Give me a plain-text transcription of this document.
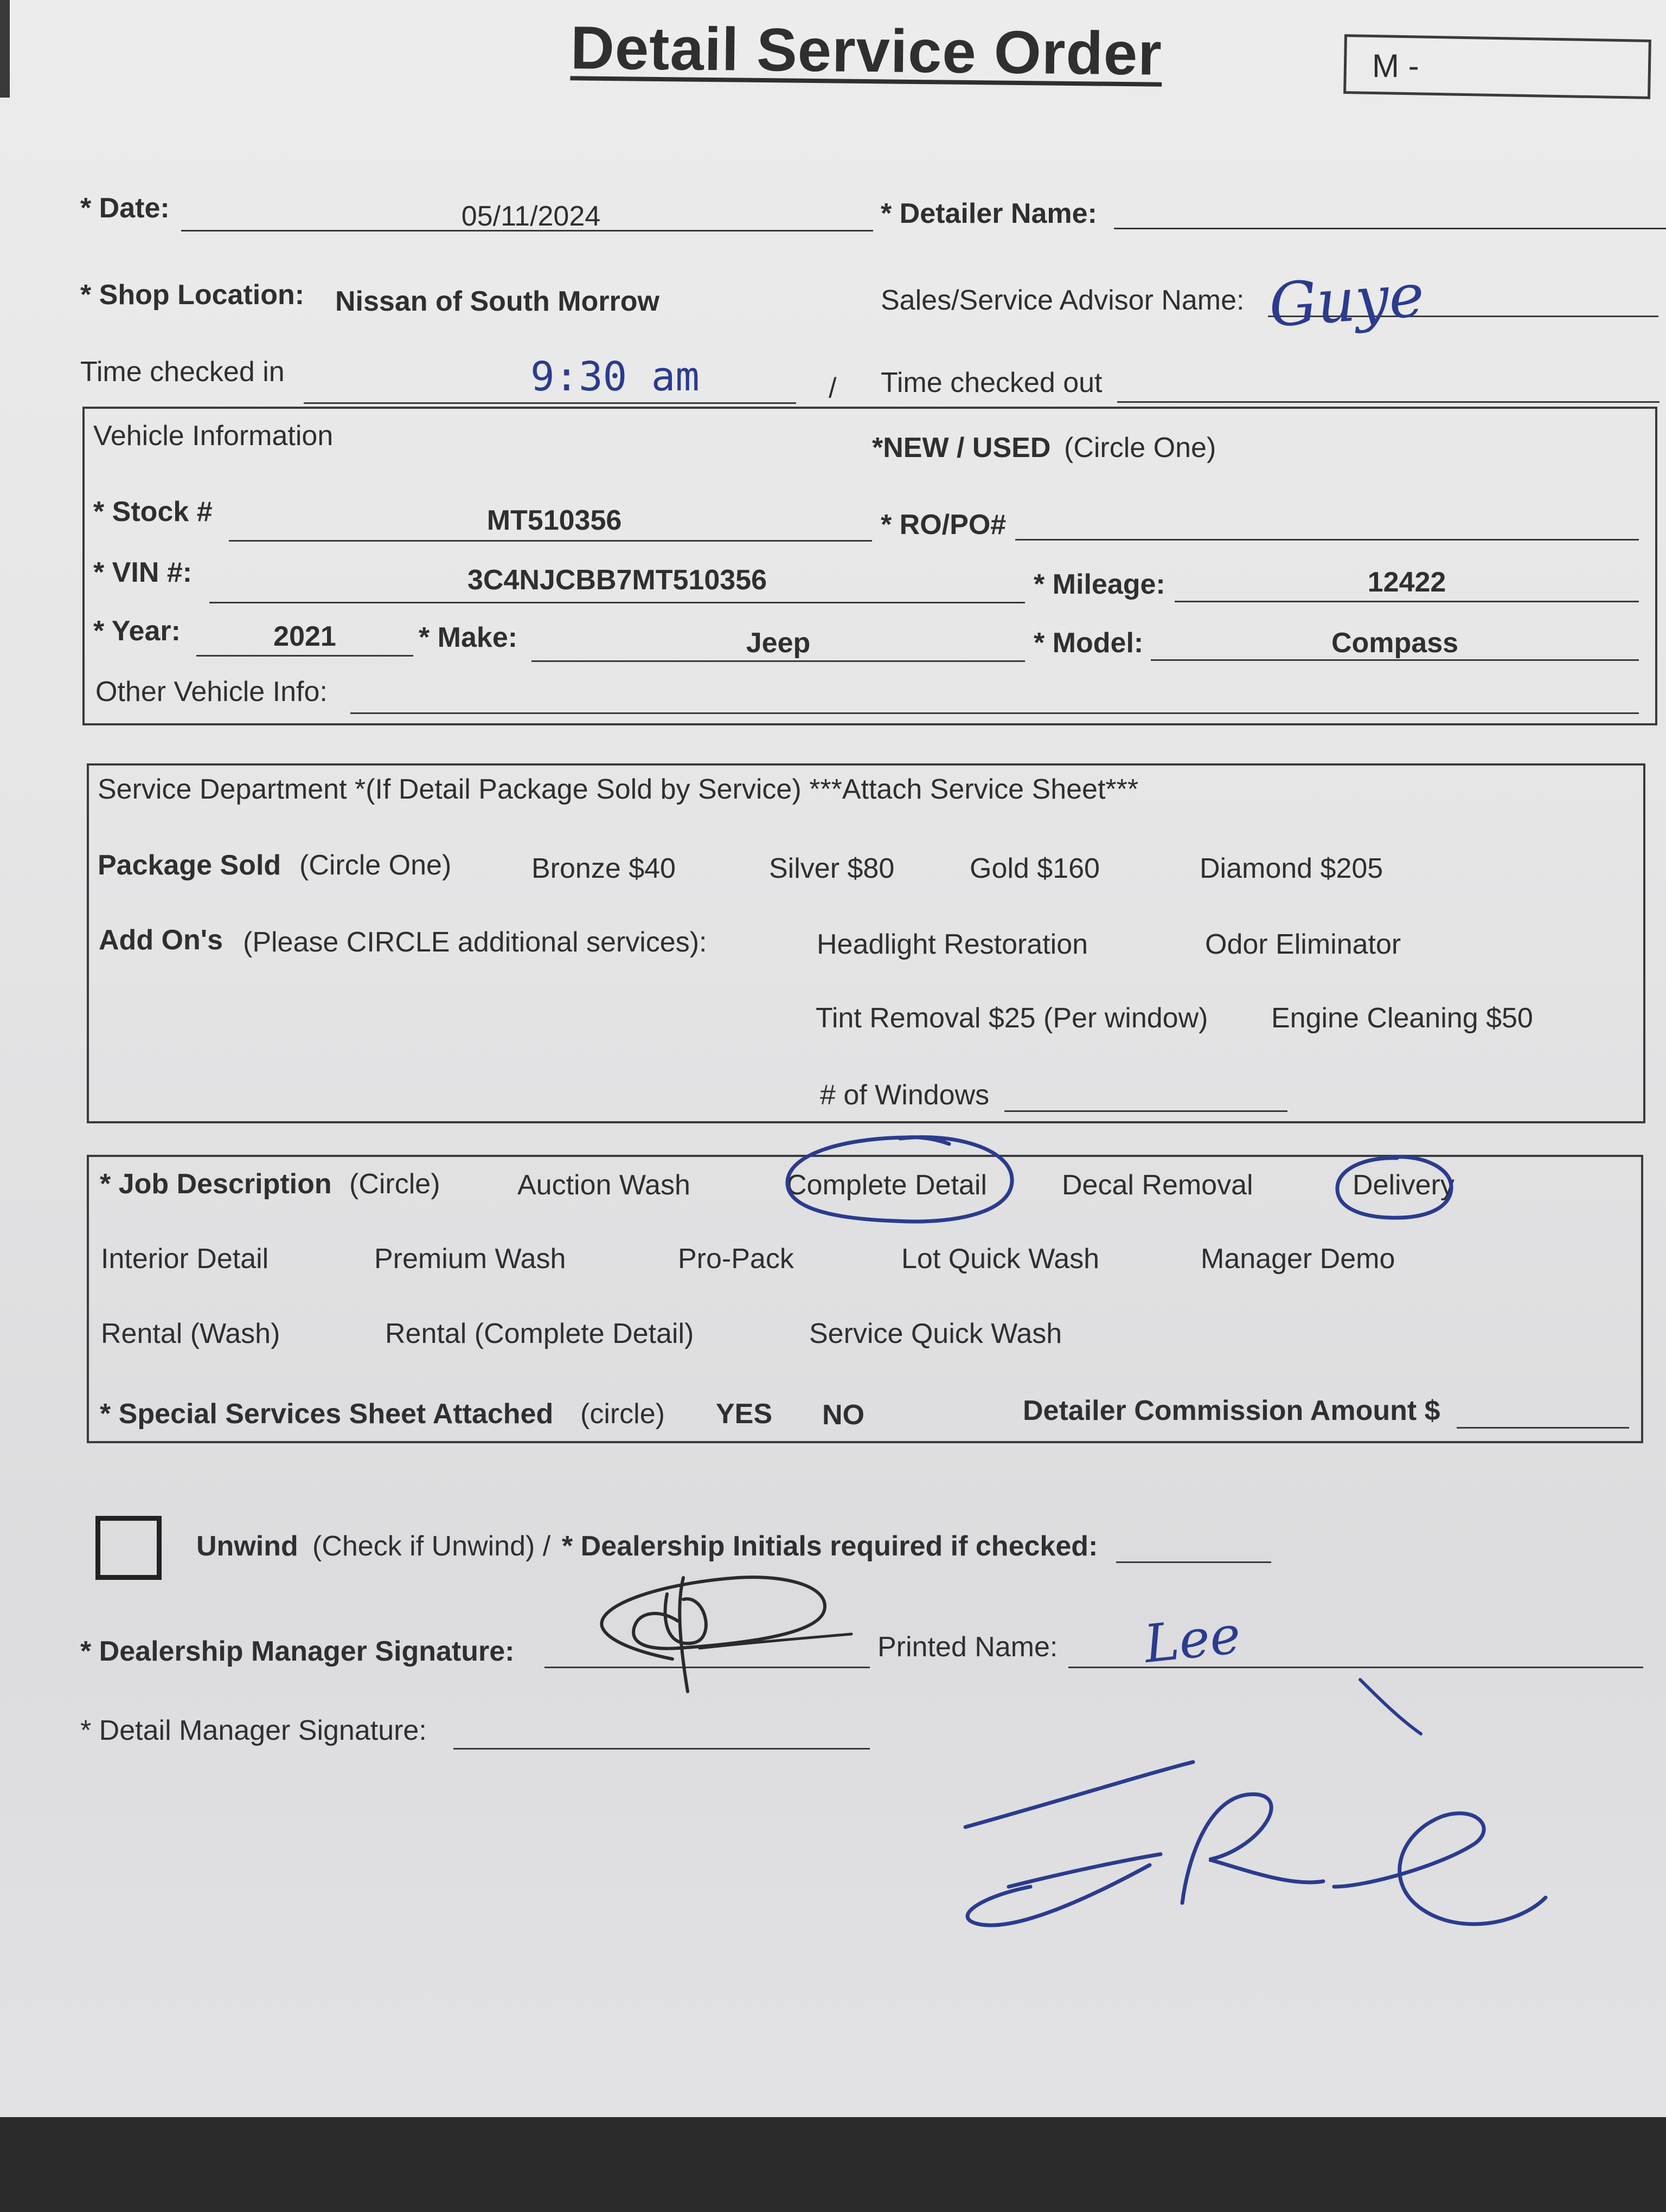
Detail Service Order	M -
* Date:	05/11/2024	* Detailer Name:
* Shop Location: Nissan of South Morrow	Sales/Service Advisor Name: Guye
Time checked in	9:30 am	/ Time checked out
Vehicle Information	*NEW / USED (Circle One)
* Stock #	MT510356	* RO/PO#
* VIN #:	3C4NJCBB7MT510356	* Mileage:	12422
* Year:	2021	* Make:	Jeep	* Model:	Compass
Other Vehicle Info:
Service Department *(If Detail Package Sold by Service) ***Attach Service Sheet***
Package Sold (Circle One)	Bronze $40	Silver $80	Gold $160	Diamond $205
Add On's (Please CIRCLE additional services):	Headlight Restoration	Odor Eliminator
Tint Removal $25 (Per window) Engine Cleaning $50
# of Windows
* Job Description (Circle)	Auction Wash	Complete Detail	Decal Removal	Delivery
Interior Detail	Premium Wash	Pro-Pack	Lot Quick Wash	Manager Demo
Rental (Wash)	Rental (Complete Detail)	Service Quick Wash
* Special Services Sheet Attached (circle) YES NO	Detailer Commission Amount $
Unwind (Check if Unwind) / * Dealership Initials required if checked:
* Dealership Manager Signature:	Printed Name: Lee
* Detail Manager Signature:
